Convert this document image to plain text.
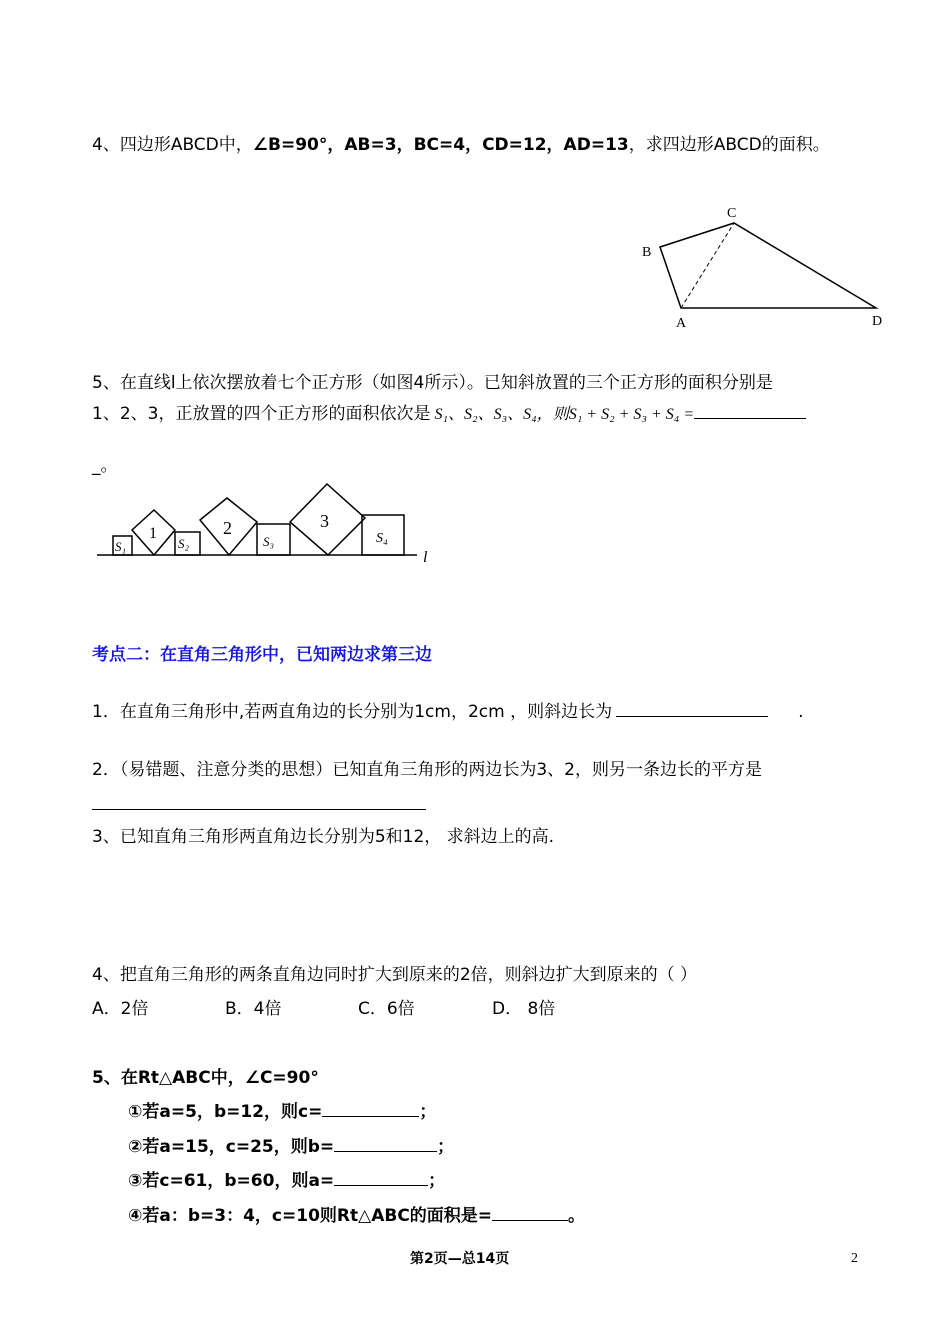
4、四边形ABCD中，∠B=90°，AB=3，BC=4，CD=12，AD=13，求四边形ABCD的面积。
B
C
A	D
5、在直线l上依次摆放着七个正方形（如图4所示）。已知斜放置的三个正方形的面积分别是
1、2、3，正放置的四个正方形的面积依次是 S₁、S₂、S₃、S₄，则S₁ + S₂ + S₃ + S₄ =
_。
S₁
1
S₂
2
S₃
3
S₄
l
考点二：在直角三角形中，已知两边求第三边
1．在直角三角形中,若两直角边的长分别为1cm，2cm ，则斜边长为	.
2．（易错题、注意分类的思想）已知直角三角形的两边长为3、2，则另一条边长的平方是
3、已知直角三角形两直角边长分别为5和12， 求斜边上的高.
4、把直角三角形的两条直角边同时扩大到原来的2倍，则斜边扩大到原来的（ ）
A．2倍	B．4倍	C．6倍	D． 8倍
5、在Rt△ABC中，∠C=90°
①若a=5，b=12，则c=	；
②若a=15，c=25，则b=	；
③若c=61，b=60，则a=	；
④若a：b=3：4，c=10则Rt△ABC的面积是=	。
第2页—总14页	2
